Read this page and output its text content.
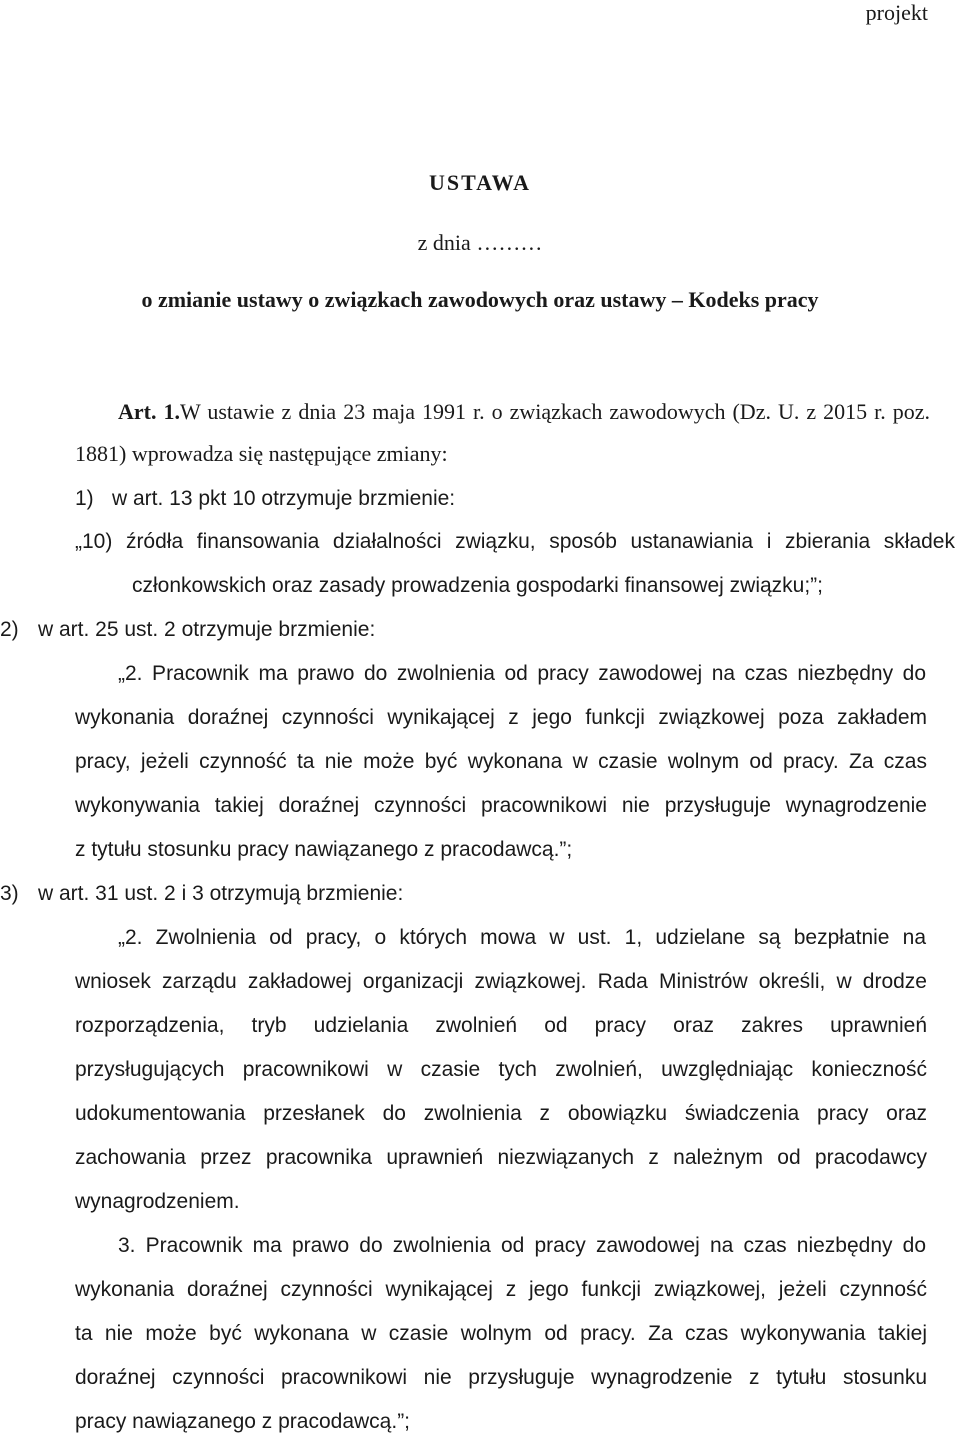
projekt
USTAWA
z dnia ………
o zmianie ustawy o związkach zawodowych oraz ustawy – Kodeks pracy
Art. 1.W ustawie z dnia 23 maja 1991 r. o związkach zawodowych (Dz. U. z 2015 r. poz.
1881) wprowadza się następujące zmiany:
1) w art. 13 pkt 10 otrzymuje brzmienie:
„10) źródła finansowania działalności związku, sposób ustanawiania i zbierania składek
członkowskich oraz zasady prowadzenia gospodarki finansowej związku;”;
2) w art. 25 ust. 2 otrzymuje brzmienie:
„2. Pracownik ma prawo do zwolnienia od pracy zawodowej na czas niezbędny do
wykonania doraźnej czynności wynikającej z jego funkcji związkowej poza zakładem
pracy, jeżeli czynność ta nie może być wykonana w czasie wolnym od pracy. Za czas
wykonywania takiej doraźnej czynności pracownikowi nie przysługuje wynagrodzenie
z tytułu stosunku pracy nawiązanego z pracodawcą.”;
3) w art. 31 ust. 2 i 3 otrzymują brzmienie:
„2. Zwolnienia od pracy, o których mowa w ust. 1, udzielane są bezpłatnie na
wniosek zarządu zakładowej organizacji związkowej. Rada Ministrów określi, w drodze
rozporządzenia, tryb udzielania zwolnień od pracy oraz zakres uprawnień
przysługujących pracownikowi w czasie tych zwolnień, uwzględniając konieczność
udokumentowania przesłanek do zwolnienia z obowiązku świadczenia pracy oraz
zachowania przez pracownika uprawnień niezwiązanych z należnym od pracodawcy
wynagrodzeniem.
3. Pracownik ma prawo do zwolnienia od pracy zawodowej na czas niezbędny do
wykonania doraźnej czynności wynikającej z jego funkcji związkowej, jeżeli czynność
ta nie może być wykonana w czasie wolnym od pracy. Za czas wykonywania takiej
doraźnej czynności pracownikowi nie przysługuje wynagrodzenie z tytułu stosunku
pracy nawiązanego z pracodawcą.”;
